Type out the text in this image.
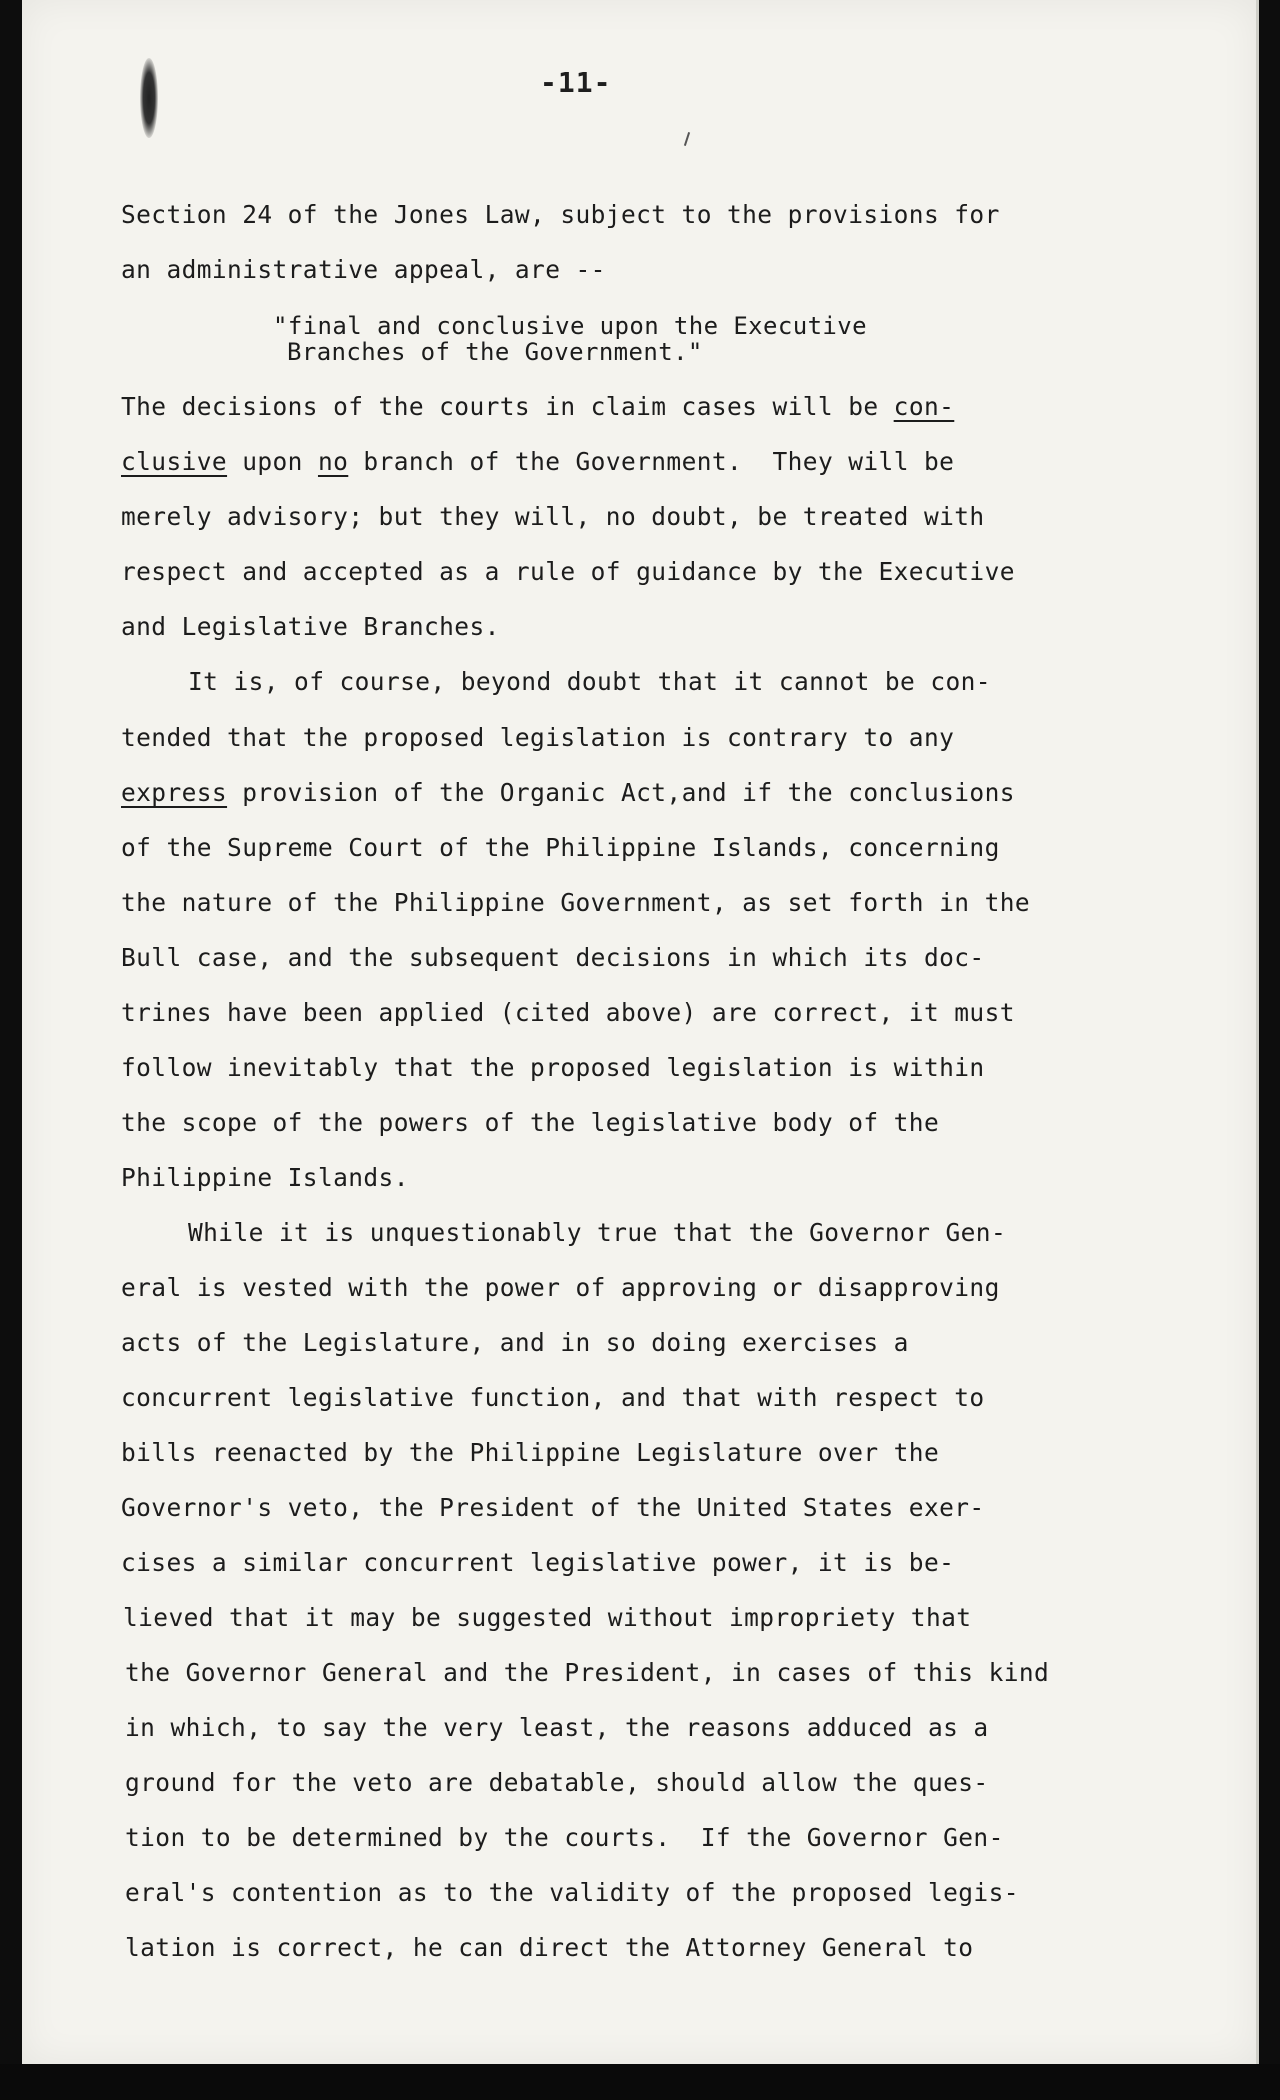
-11-
Section 24 of the Jones Law, subject to the provisions for
an administrative appeal, are --
"final and conclusive upon the Executive
Branches of the Government."
The decisions of the courts in claim cases will be con-
clusive upon no branch of the Government.  They will be
merely advisory; but they will, no doubt, be treated with
respect and accepted as a rule of guidance by the Executive
and Legislative Branches.
It is, of course, beyond doubt that it cannot be con-
tended that the proposed legislation is contrary to any
express provision of the Organic Act,and if the conclusions
of the Supreme Court of the Philippine Islands, concerning
the nature of the Philippine Government, as set forth in the
Bull case, and the subsequent decisions in which its doc-
trines have been applied (cited above) are correct, it must
follow inevitably that the proposed legislation is within
the scope of the powers of the legislative body of the
Philippine Islands.
While it is unquestionably true that the Governor Gen-
eral is vested with the power of approving or disapproving
acts of the Legislature, and in so doing exercises a
concurrent legislative function, and that with respect to
bills reenacted by the Philippine Legislature over the
Governor's veto, the President of the United States exer-
cises a similar concurrent legislative power, it is be-
lieved that it may be suggested without impropriety that
the Governor General and the President, in cases of this kind
in which, to say the very least, the reasons adduced as a
ground for the veto are debatable, should allow the ques-
tion to be determined by the courts.  If the Governor Gen-
eral's contention as to the validity of the proposed legis-
lation is correct, he can direct the Attorney General to
